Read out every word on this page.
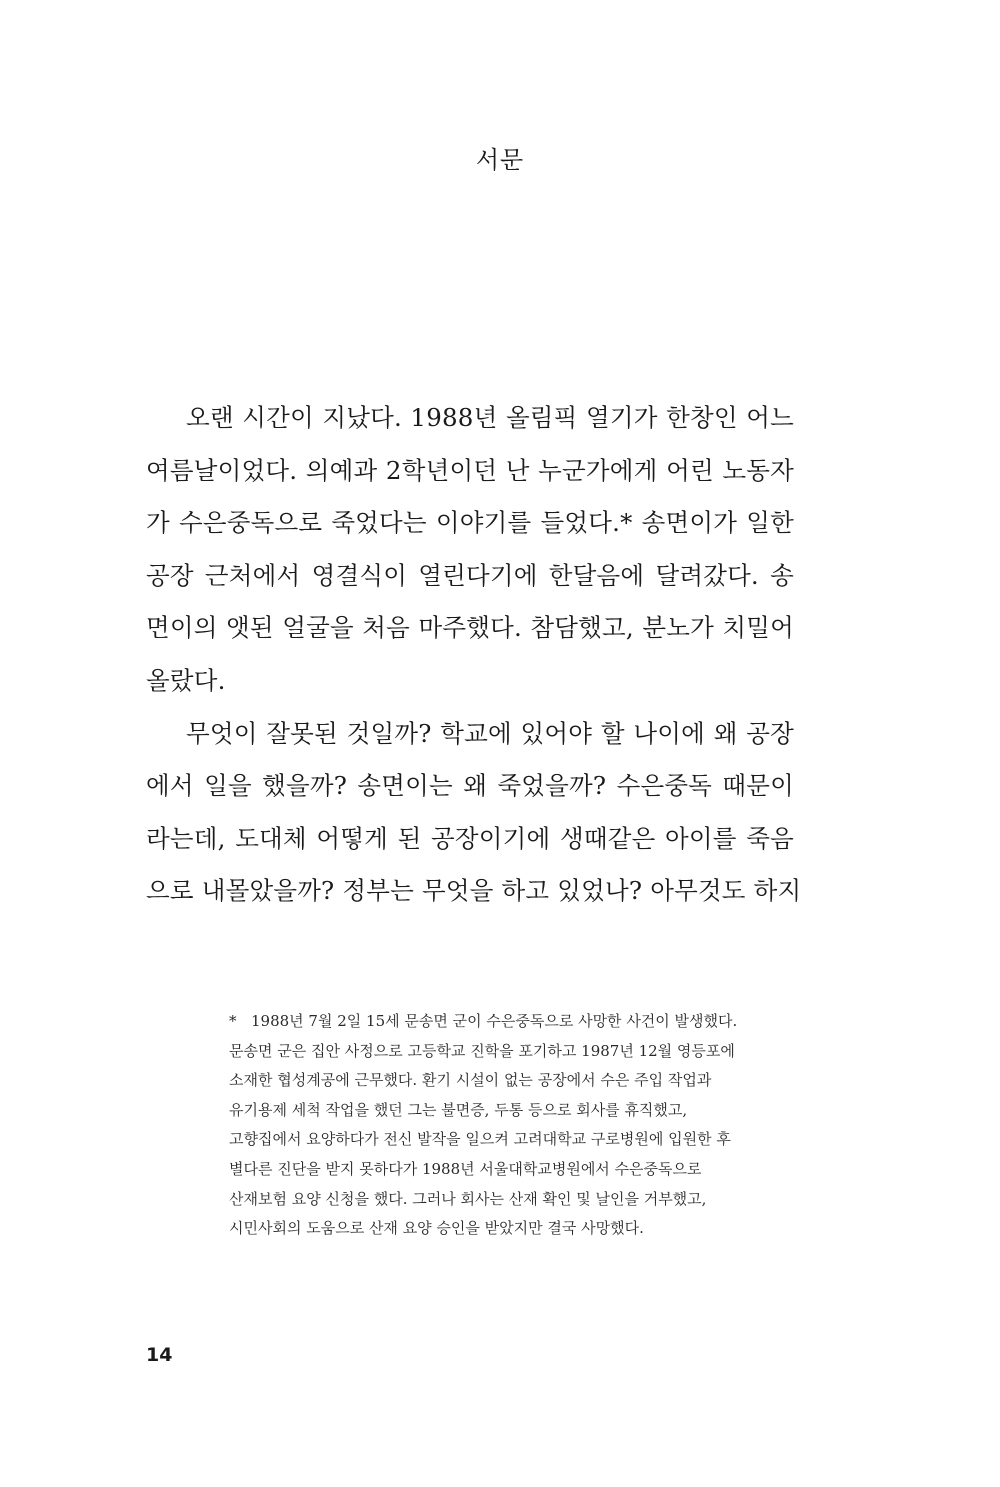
서문

오랜 시간이 지났다. 1988년 올림픽 열기가 한창인 어느
여름날이었다. 의예과 2학년이던 난 누군가에게 어린 노동자
가 수은중독으로 죽었다는 이야기를 들었다.* 송면이가 일한
공장 근처에서 영결식이 열린다기에 한달음에 달려갔다. 송
면이의 앳된 얼굴을 처음 마주했다. 참담했고, 분노가 치밀어
올랐다.

무엇이 잘못된 것일까? 학교에 있어야 할 나이에 왜 공장
에서 일을 했을까? 송면이는 왜 죽었을까? 수은중독 때문이
라는데, 도대체 어떻게 된 공장이기에 생때같은 아이를 죽음
으로 내몰았을까? 정부는 무엇을 하고 있었나? 아무것도 하지

* 1988년 7월 2일 15세 문송면 군이 수은중독으로 사망한 사건이 발생했다.
문송면 군은 집안 사정으로 고등학교 진학을 포기하고 1987년 12월 영등포에
소재한 협성계공에 근무했다. 환기 시설이 없는 공장에서 수은 주입 작업과
유기용제 세척 작업을 했던 그는 불면증, 두통 등으로 회사를 휴직했고,
고향집에서 요양하다가 전신 발작을 일으켜 고려대학교 구로병원에 입원한 후
별다른 진단을 받지 못하다가 1988년 서울대학교병원에서 수은중독으로
산재보험 요양 신청을 했다. 그러나 회사는 산재 확인 및 날인을 거부했고,
시민사회의 도움으로 산재 요양 승인을 받았지만 결국 사망했다.
14
